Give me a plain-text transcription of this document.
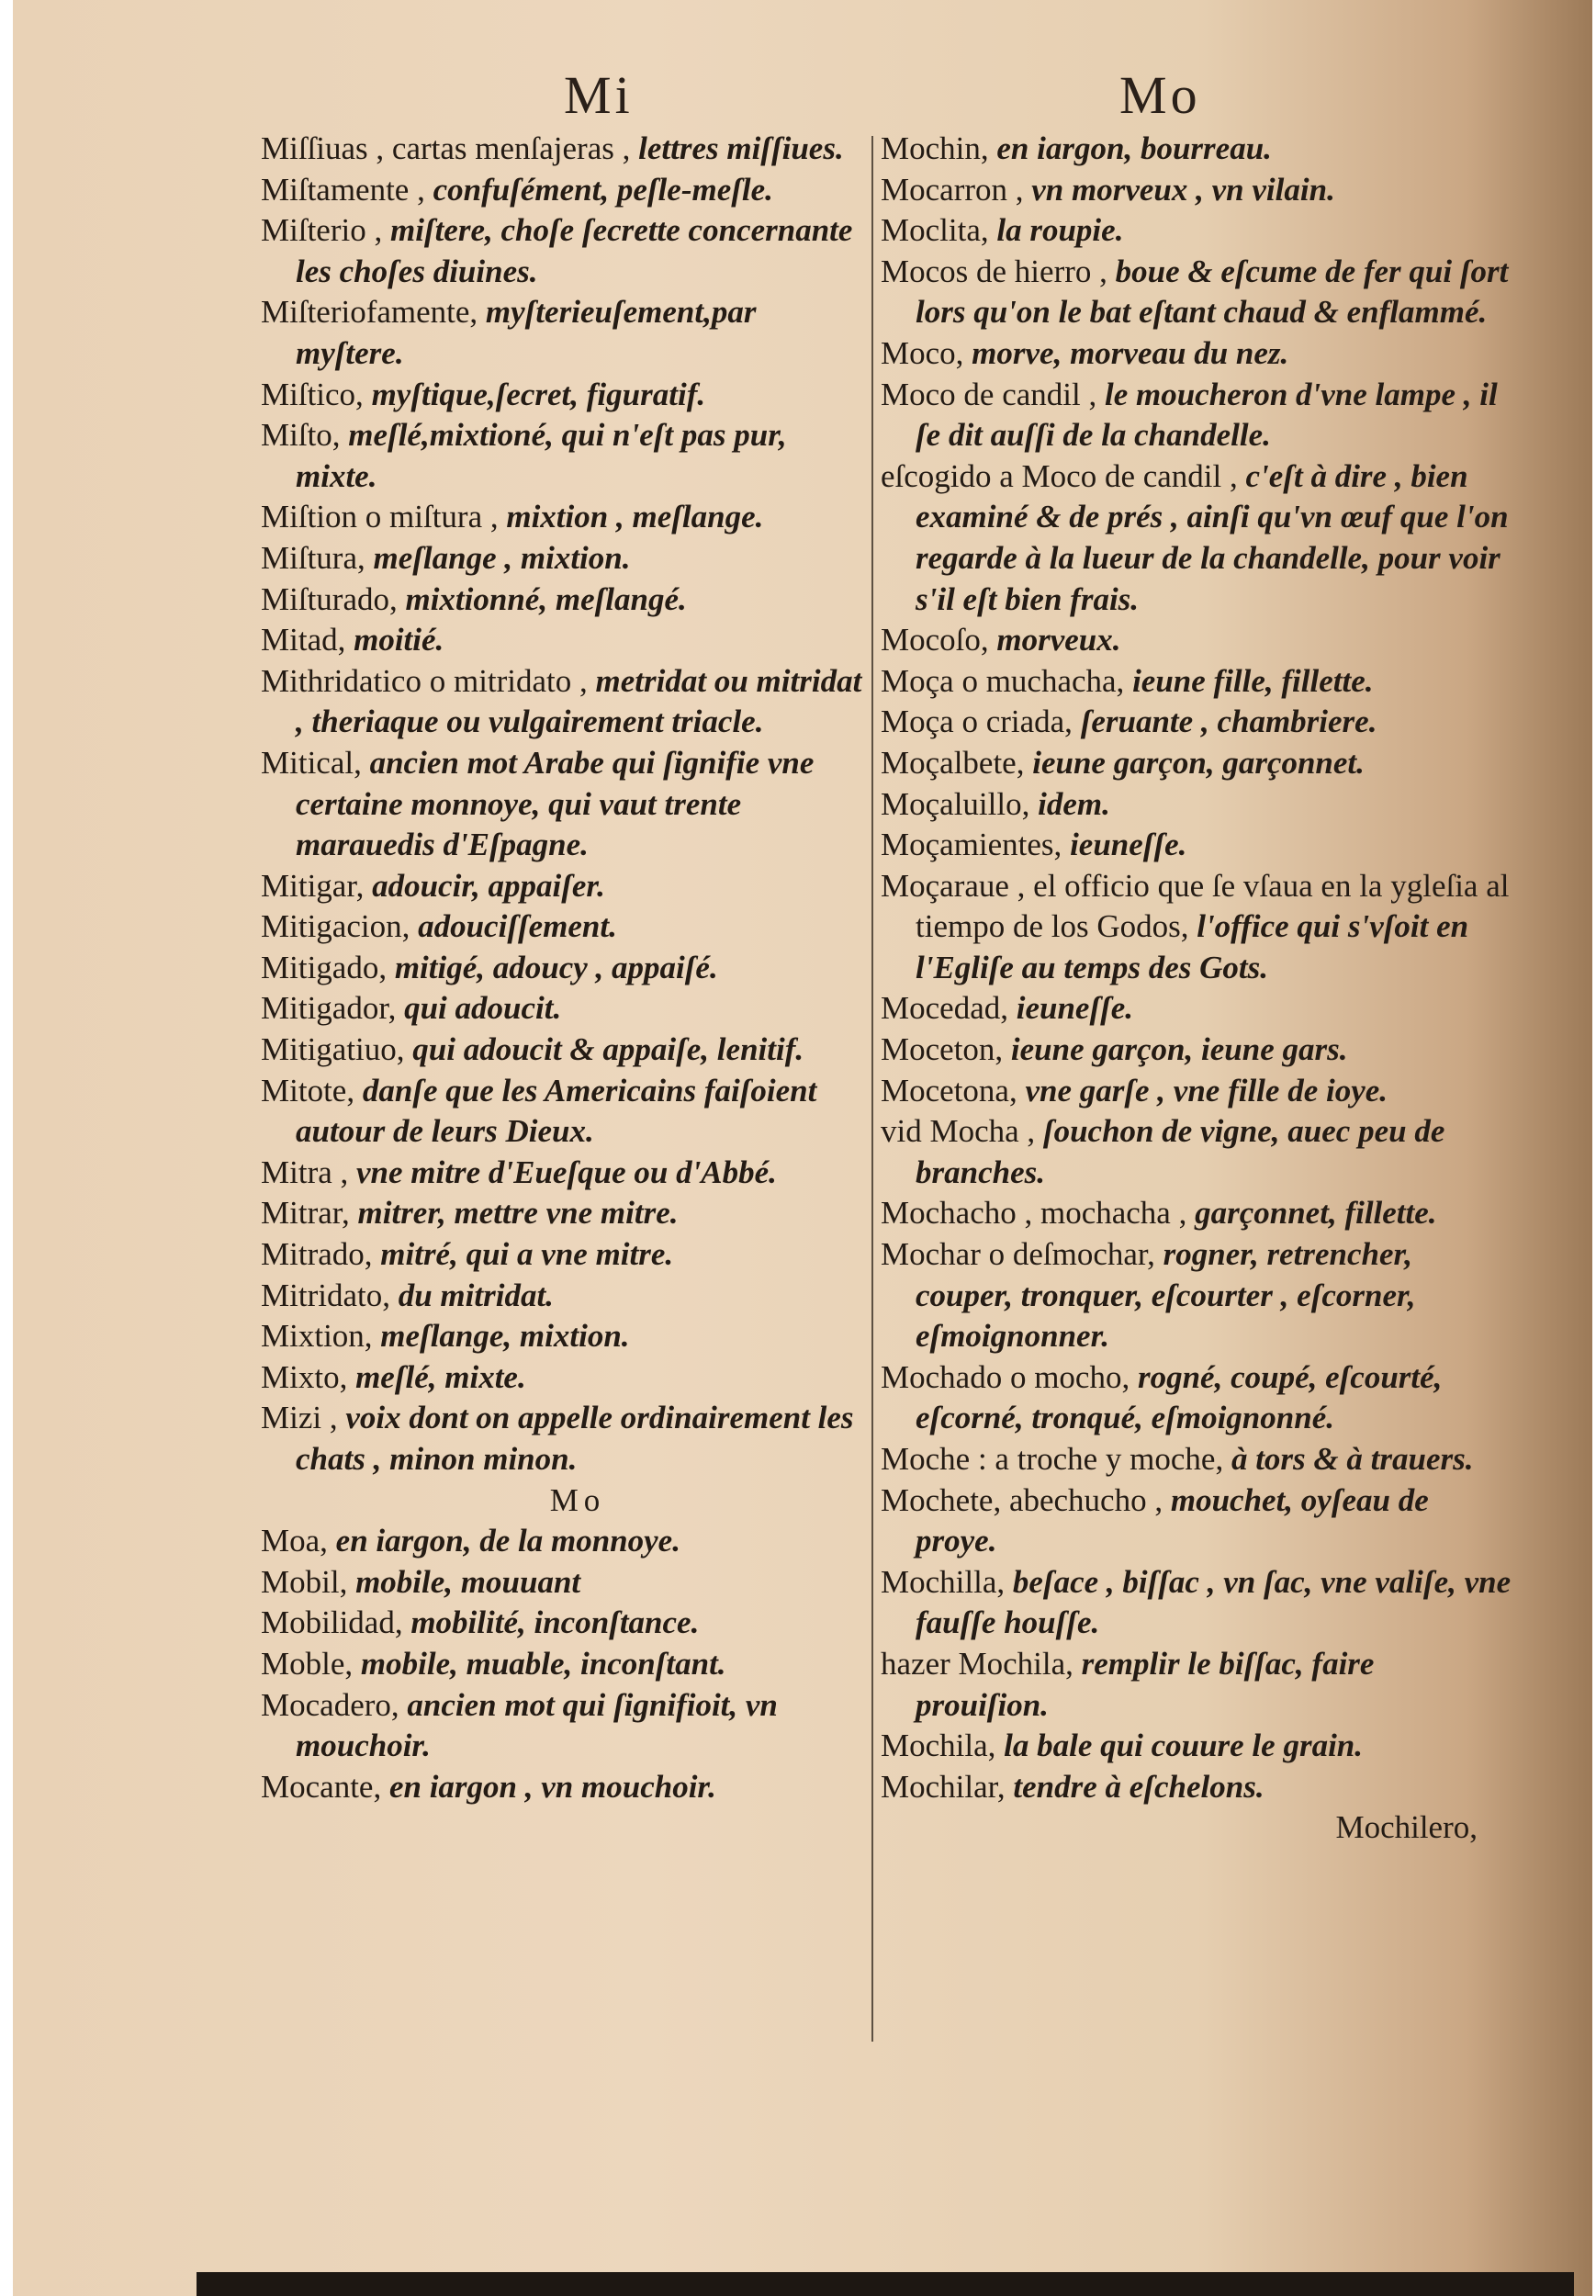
Mi	Mo

Miſſiuas , cartas menſajeras , lettres miſſiues.

Miſtamente , confuſément, peſle-meſle.

Miſterio , miſtere, choſe ſecrette concernante les choſes diuines.

Miſteriofamente, myſterieuſement,par myſtere.

Miſtico, myſtique,ſecret, figuratif.

Miſto, meſlé,mixtioné, qui n'eſt pas pur, mixte.

Miſtion o miſtura , mixtion , meſlange.

Miſtura, meſlange , mixtion.

Miſturado, mixtionné, meſlangé.

Mitad, moitié.

Mithridatico o mitridato , metridat ou mitridat , theriaque ou vulgairement triacle.

Mitical, ancien mot Arabe qui ſignifie vne certaine monnoye, qui vaut trente marauedis d'Eſpagne.

Mitigar, adoucir, appaiſer.

Mitigacion, adouciſſement.

Mitigado, mitigé, adoucy , appaiſé.

Mitigador, qui adoucit.

Mitigatiuo, qui adoucit & appaiſe, lenitif.

Mitote, danſe que les Americains faiſoient autour de leurs Dieux.

Mitra , vne mitre d'Eueſque ou d'Abbé.

Mitrar, mitrer, mettre vne mitre.

Mitrado, mitré, qui a vne mitre.

Mitridato, du mitridat.

Mixtion, meſlange, mixtion.

Mixto, meſlé, mixte.

Mizi , voix dont on appelle ordinairement les chats , minon minon.

Mo

Moa, en iargon, de la monnoye.

Mobil, mobile, mouuant

Mobilidad, mobilité, inconſtance.

Moble, mobile, muable, inconſtant.

Mocadero, ancien mot qui ſignifioit, vn mouchoir.

Mocante, en iargon , vn mouchoir.

Mochin, en iargon, bourreau.

Mocarron , vn morveux , vn vilain.

Moclita, la roupie.

Mocos de hierro , boue & eſcume de fer qui ſort lors qu'on le bat eſtant chaud & enflammé.

Moco, morve, morveau du nez.

Moco de candil , le moucheron d'vne lampe , il ſe dit auſſi de la chandelle.

eſcogido a Moco de candil , c'eſt à dire , bien examiné & de prés , ainſi qu'vn œuf que l'on regarde à la lueur de la chandelle, pour voir s'il eſt bien frais.

Mocoſo, morveux.

Moça o muchacha, ieune fille, fillette.

Moça o criada, ſeruante , chambriere.

Moçalbete, ieune garçon, garçonnet.

Moçaluillo, idem.

Moçamientes, ieuneſſe.

Moçaraue , el officio que ſe vſaua en la ygleſia al tiempo de los Godos, l'office qui s'vſoit en l'Egliſe au temps des Gots.

Mocedad, ieuneſſe.

Moceton, ieune garçon, ieune gars.

Mocetona, vne garſe , vne fille de ioye.

vid Mocha , ſouchon de vigne, auec peu de branches.

Mochacho , mochacha , garçonnet, fillette.

Mochar o deſmochar, rogner, retrencher, couper, tronquer, eſcourter , eſcorner, eſmoignonner.

Mochado o mocho, rogné, coupé, eſcourté, eſcorné, tronqué, eſmoignonné.

Moche : a troche y moche, à tors & à trauers.

Mochete, abechucho , mouchet, oyſeau de proye.

Mochilla, beſace , biſſac , vn ſac, vne valiſe, vne fauſſe houſſe.

hazer Mochila, remplir le biſſac, faire prouiſion.

Mochila, la bale qui couure le grain.

Mochilar, tendre à eſchelons.

Mochilero,
